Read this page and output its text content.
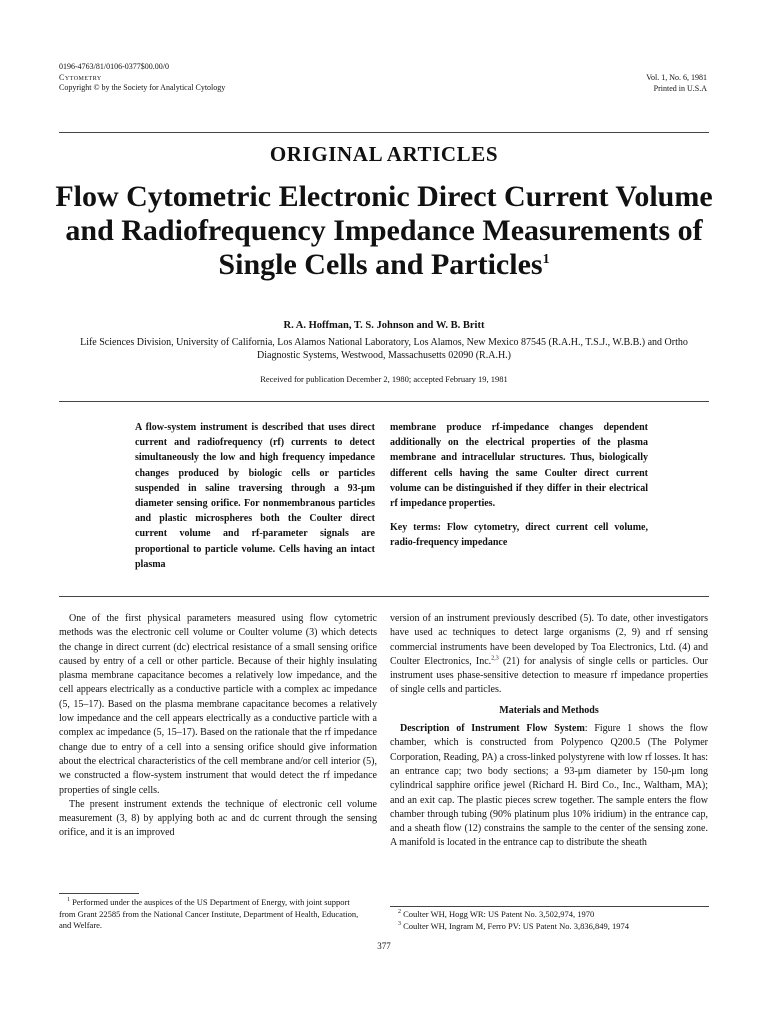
0196-4763/81/0106-0377$00.00/0
Cytometry
Copyright © by the Society for Analytical Cytology
Vol. 1, No. 6, 1981
Printed in U.S.A
ORIGINAL ARTICLES
Flow Cytometric Electronic Direct Current Volume and Radiofrequency Impedance Measurements of Single Cells and Particles$^1$
R. A. Hoffman, T. S. Johnson and W. B. Britt
Life Sciences Division, University of California, Los Alamos National Laboratory, Los Alamos, New Mexico 87545 (R.A.H., T.S.J., W.B.B.) and Ortho Diagnostic Systems, Westwood, Massachusetts 02090 (R.A.H.)
Received for publication December 2, 1980; accepted February 19, 1981

A flow-system instrument is described that uses direct current and radiofrequency (rf) currents to detect simultaneously the low and high frequency impedance changes produced by biologic cells or particles suspended in saline traversing through a 93-μm diameter sensing orifice. For nonmembranous particles and plastic microspheres both the Coulter direct current volume and rf-parameter signals are proportional to particle volume. Cells having an intact plasma

membrane produce rf-impedance changes dependent additionally on the electrical properties of the plasma membrane and intracellular structures. Thus, biologically different cells having the same Coulter direct current volume can be distinguished if they differ in their electrical rf impedance properties.

Key terms: Flow cytometry, direct current cell volume, radio-frequency impedance

One of the first physical parameters measured using flow cytometric methods was the electronic cell volume or Coulter volume (3) which detects the change in direct current (dc) electrical resistance of a small sensing orifice caused by entry of a cell or other particle. Because of their highly insulating plasma membrane capacitance becomes a relatively low impedance, and the cell appears electrically as a conductive particle with a complex ac impedance (5, 15–17). Based on the plasma membrane capacitance becomes a relatively low impedance and the cell appears electrically as a conductive particle with a complex ac impedance (5, 15–17). Based on the rationale that the rf impedance change due to entry of a cell into a sensing orifice should give information about the electrical characteristics of the cell membrane and/or cell interior (5), we constructed a flow-system instrument that would detect the rf impedance properties of single cells.

The present instrument extends the technique of electronic cell volume measurement (3, 8) by applying both ac and dc current through the sensing orifice, and it is an improved

version of an instrument previously described (5). To date, other investigators have used ac techniques to detect large organisms (2, 9) and rf sensing commercial instruments have been developed by Toa Electronics, Ltd. (4) and Coulter Electronics, Inc.$^{2,3}$ (21) for analysis of single cells or particles. Our instrument uses phase-sensitive detection to measure rf impedance properties of single cells and particles.

Materials and Methods

Description of Instrument Flow System: Figure 1 shows the flow chamber, which is constructed from Polypenco Q200.5 (The Polymer Corporation, Reading, PA) a cross-linked polystyrene with low rf losses. It has: an entrance cap; two body sections; a 93-μm diameter by 150-μm long cylindrical sapphire orifice jewel (Richard H. Bird Co., Inc., Waltham, MA); and an exit cap. The plastic pieces screw together. The sample enters the flow chamber through tubing (90% platinum plus 10% iridium) in the entrance cap, and a sheath flow (12) constrains the sample to the center of the sensing zone. A manifold is located in the entrance cap to distribute the sheath

$^1$ Performed under the auspices of the US Department of Energy, with joint support from Grant 22585 from the National Cancer Institute, Department of Health, Education, and Welfare.

$^2$ Coulter WH, Hogg WR: US Patent No. 3,502,974, 1970

$^3$ Coulter WH, Ingram M, Ferro PV: US Patent No. 3,836,849, 1974

377
